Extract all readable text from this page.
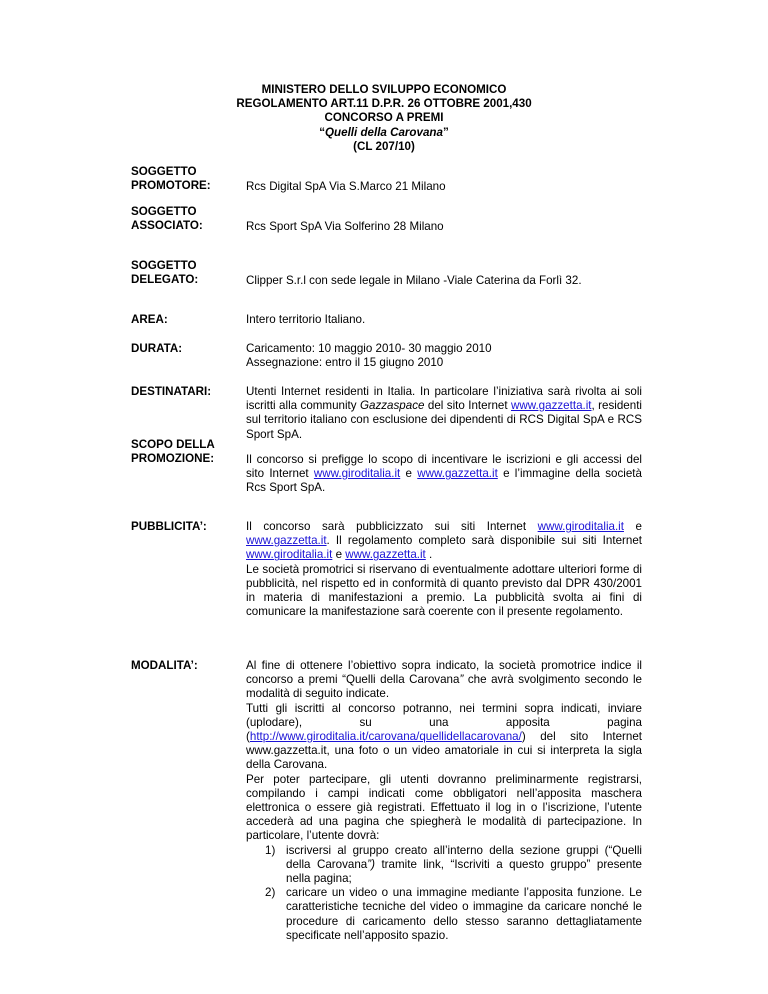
MINISTERO DELLO SVILUPPO ECONOMICO
REGOLAMENTO ART.11 D.P.R. 26 OTTOBRE 2001,430
CONCORSO A PREMI
“Quelli della Carovana”
(CL 207/10)
SOGGETTO
PROMOTORE:	Rcs Digital SpA Via S.Marco 21 Milano
SOGGETTO
ASSOCIATO:	Rcs Sport SpA Via Solferino 28 Milano
SOGGETTO
DELEGATO:	Clipper S.r.l con sede legale in Milano -Viale Caterina da Forlì 32.
AREA:	Intero territorio Italiano.
DURATA:	Caricamento: 10 maggio 2010- 30 maggio 2010
Assegnazione: entro il 15 giugno 2010
DESTINATARI:	Utenti Internet residenti in Italia. In particolare l’iniziativa sarà rivolta ai soli iscritti alla community Gazzaspace del sito Internet www.gazzetta.it, residenti sul territorio italiano con esclusione dei dipendenti di RCS Digital SpA e RCS Sport SpA.
SCOPO DELLA
PROMOZIONE:	Il concorso si prefigge lo scopo di incentivare le iscrizioni e gli accessi del sito Internet www.giroditalia.it e www.gazzetta.it e l’immagine della società Rcs Sport SpA.
PUBBLICITA’:	Il concorso sarà pubblicizzato sui siti Internet www.giroditalia.it e www.gazzetta.it. Il regolamento completo sarà disponibile sui siti Internet www.giroditalia.it e www.gazzetta.it .
Le società promotrici si riservano di eventualmente adottare ulteriori forme di pubblicità, nel rispetto ed in conformità di quanto previsto dal DPR 430/2001 in materia di manifestazioni a premio. La pubblicità svolta ai fini di comunicare la manifestazione sarà coerente con il presente regolamento.
MODALITA’:	Al fine di ottenere l’obiettivo sopra indicato, la società promotrice indice il concorso a premi “Quelli della Carovana” che avrà svolgimento secondo le modalità di seguito indicate.
Tutti gli iscritti al concorso potranno, nei termini sopra indicati, inviare (uplodare), su una apposita pagina (http://www.giroditalia.it/carovana/quellidellacarovana/) del sito Internet www.gazzetta.it, una foto o un video amatoriale in cui si interpreta la sigla della Carovana.
Per poter partecipare, gli utenti dovranno preliminarmente registrarsi, compilando i campi indicati come obbligatori nell’apposita maschera elettronica o essere già registrati. Effettuato il log in o l’iscrizione, l’utente accederà ad una pagina che spiegherà le modalità di partecipazione. In particolare, l’utente dovrà:
1) iscriversi al gruppo creato all’interno della sezione gruppi (“Quelli della Carovana”) tramite link, “Iscriviti a questo gruppo” presente nella pagina;
2) caricare un video o una immagine mediante l’apposita funzione. Le caratteristiche tecniche del video o immagine da caricare nonché le procedure di caricamento dello stesso saranno dettagliatamente specificate nell’apposito spazio.
